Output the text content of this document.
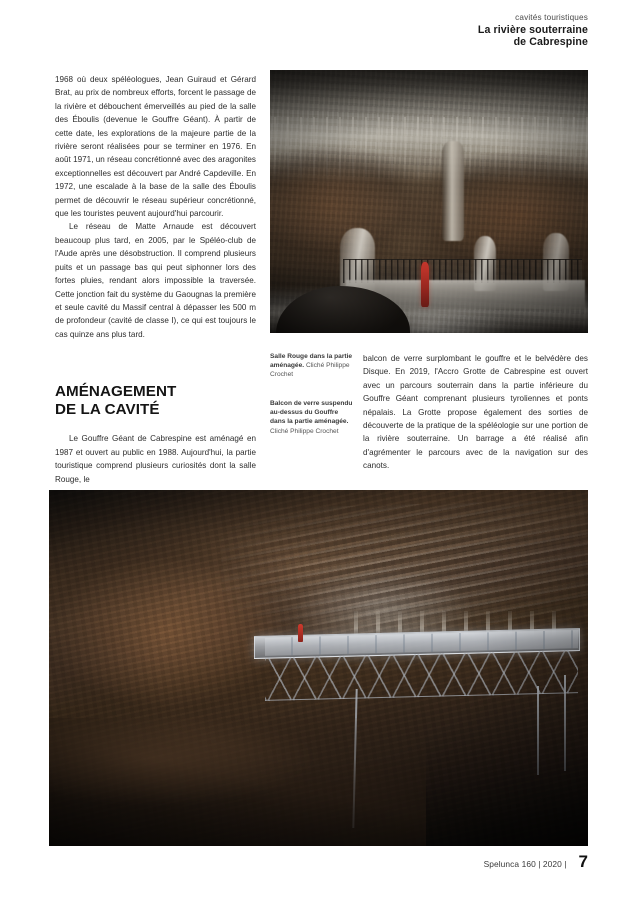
cavités touristiques
La rivière souterraine
de Cabrespine

1968 où deux spéléologues, Jean Guiraud et Gérard Brat, au prix de nombreux efforts, forcent le passage de la rivière et débouchent émerveillés au pied de la salle des Éboulis (devenue le Gouffre Géant). À partir de cette date, les explorations de la majeure partie de la rivière seront réalisées pour se terminer en 1976. En août 1971, un réseau concrétionné avec des aragonites exceptionnelles est découvert par André Capdeville. En 1972, une escalade à la base de la salle des Éboulis permet de découvrir le réseau supérieur concrétionné, que les touristes peuvent aujourd'hui parcourir.

Le réseau de Matte Arnaude est découvert beaucoup plus tard, en 2005, par le Spéléo-club de l'Aude après une désobstruction. Il comprend plusieurs puits et un passage bas qui peut siphonner lors des fortes pluies, rendant alors impossible la traversée. Cette jonction fait du système du Gaougnas la première et seule cavité du Massif central à dépasser les 500 m de profondeur (cavité de classe I), ce qui est toujours le cas quinze ans plus tard.

AMÉNAGEMENT
DE LA CAVITÉ

Le Gouffre Géant de Cabrespine est aménagé en 1987 et ouvert au public en 1988. Aujourd'hui, la partie touristique comprend plusieurs curiosités dont la salle Rouge, le

Salle Rouge dans la partie aménagée. Cliché Philippe Crochet
Balcon de verre suspendu au-dessus du Gouffre dans la partie aménagée. Cliché Philippe Crochet

balcon de verre surplombant le gouffre et le belvédère des Disque. En 2019, l'Accro Grotte de Cabrespine est ouvert avec un parcours souterrain dans la partie inférieure du Gouffre Géant comprenant plusieurs tyroliennes et ponts népalais. La Grotte propose également des sorties de découverte de la pratique de la spéléologie sur une portion de la rivière souterraine. Un barrage a été réalisé afin d'agrémenter le parcours avec de la navigation sur des canots.

Spelunca 160 | 2020 | 7
